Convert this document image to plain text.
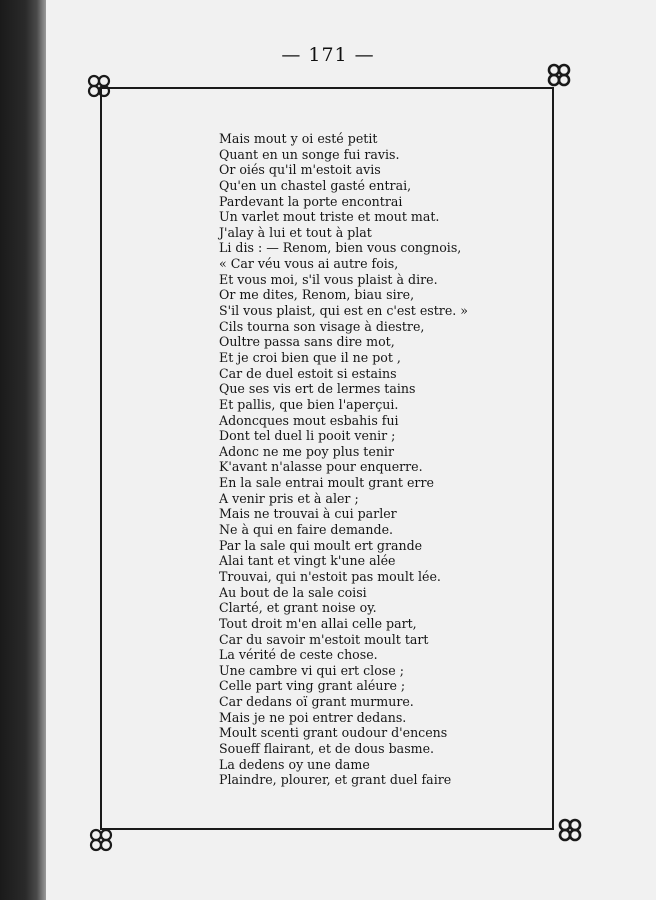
— 171 —
Mais mout y oi esté petit
Quant en un songe fui ravis.
Or oiés qu'il m'estoit avis
Qu'en un chastel gasté entrai,
Pardevant la porte encontrai
Un varlet mout triste et mout mat.
J'alay à lui et tout à plat
Li dis : — Renom, bien vous congnois,
« Car véu vous ai autre fois,
Et vous moi, s'il vous plaist à dire.
Or me dites, Renom, biau sire,
S'il vous plaist, qui est en c'est estre. »
Cils tourna son visage à diestre,
Oultre passa sans dire mot,
Et je croi bien que il ne pot ,
Car de duel estoit si estains
Que ses vis ert de lermes tains
Et pallis, que bien l'aperçui.
Adoncques mout esbahis fui
Dont tel duel li pooit venir ;
Adonc ne me poy plus tenir
K'avant n'alasse pour enquerre.
En la sale entrai moult grant erre
A venir pris et à aler ;
Mais ne trouvai à cui parler
Ne à qui en faire demande.
Par la sale qui moult ert grande
Alai tant et vingt k'une alée
Trouvai, qui n'estoit pas moult lée.
Au bout de la sale coisi
Clarté, et grant noise oy.
Tout droit m'en allai celle part,
Car du savoir m'estoit moult tart
La vérité de ceste chose.
Une cambre vi qui ert close ;
Celle part ving grant aléure ;
Car dedans oï grant murmure.
Mais je ne poi entrer dedans.
Moult scenti grant oudour d'encens
Soueff flairant, et de dous basme.
La dedens oy une dame
Plaindre, plourer, et grant duel faire
